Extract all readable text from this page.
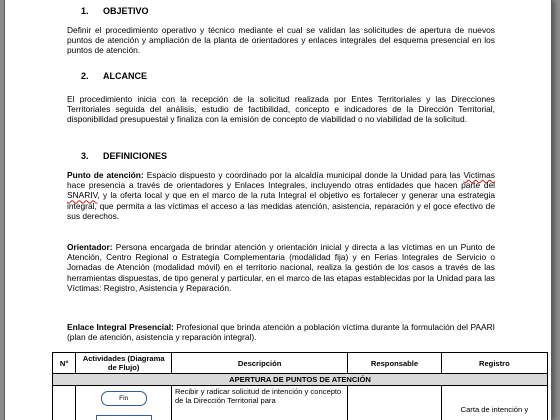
1. OBJETIVO
Definir el procedimiento operativo y técnico mediante el cual se validan las solicitudes de apertura de nuevos puntos de atención y ampliación de la planta de orientadores y enlaces integrales del esquema presencial en los puntos de atención.
2. ALCANCE
El procedimiento inicia con la recepción de la solicitud realizada por Entes Territoriales y las Direcciones Territoriales seguida del análisis, estudio de factibilidad, concepto e indicadores de la Dirección Territorial, disponibilidad presupuestal y finaliza con la emisión de concepto de viabilidad o no viabilidad de la solicitud.
3. DEFINICIONES
Punto de atención: Espacio dispuesto y coordinado por la alcaldía municipal donde la Unidad para las Victimas hace presencia a través de orientadores y Enlaces Integrales, incluyendo otras entidades que hacen parte del SNARIV, y la oferta local y que en el marco de la ruta Integral el objetivo es fortalecer y generar una estrategia integral, que permita a las víctimas el acceso a las medidas atención, asistencia, reparación y el goce efectivo de sus derechos.
Orientador: Persona encargada de brindar atención y orientación inicial y directa a las víctimas en un Punto de Atención, Centro Regional o Estrategia Complementaria (modalidad fija) y en Ferias Integrales de Servicio o Jornadas de Atención (modalidad móvil) en el territorio nacional, realiza la gestión de los casos a través de las herramientas dispuestas, de tipo general y particular, en el marco de las etapas establecidas por la Unidad para las Víctimas: Registro, Asistencia y Reparación.
Enlace Integral Presencial: Profesional que brinda atención a población víctima durante la formulación del PAARI (plan de atención, asistencia y reparación integral).
N°	Actividades (Diagrama de Flujo)	Descripción	Responsable	Registro
APERTURA DE PUNTOS DE ATENCIÓN				

	Fin	Recibir y radicar solicitud de intención y concepto de la Dirección Territorial para		Carta de intención y
